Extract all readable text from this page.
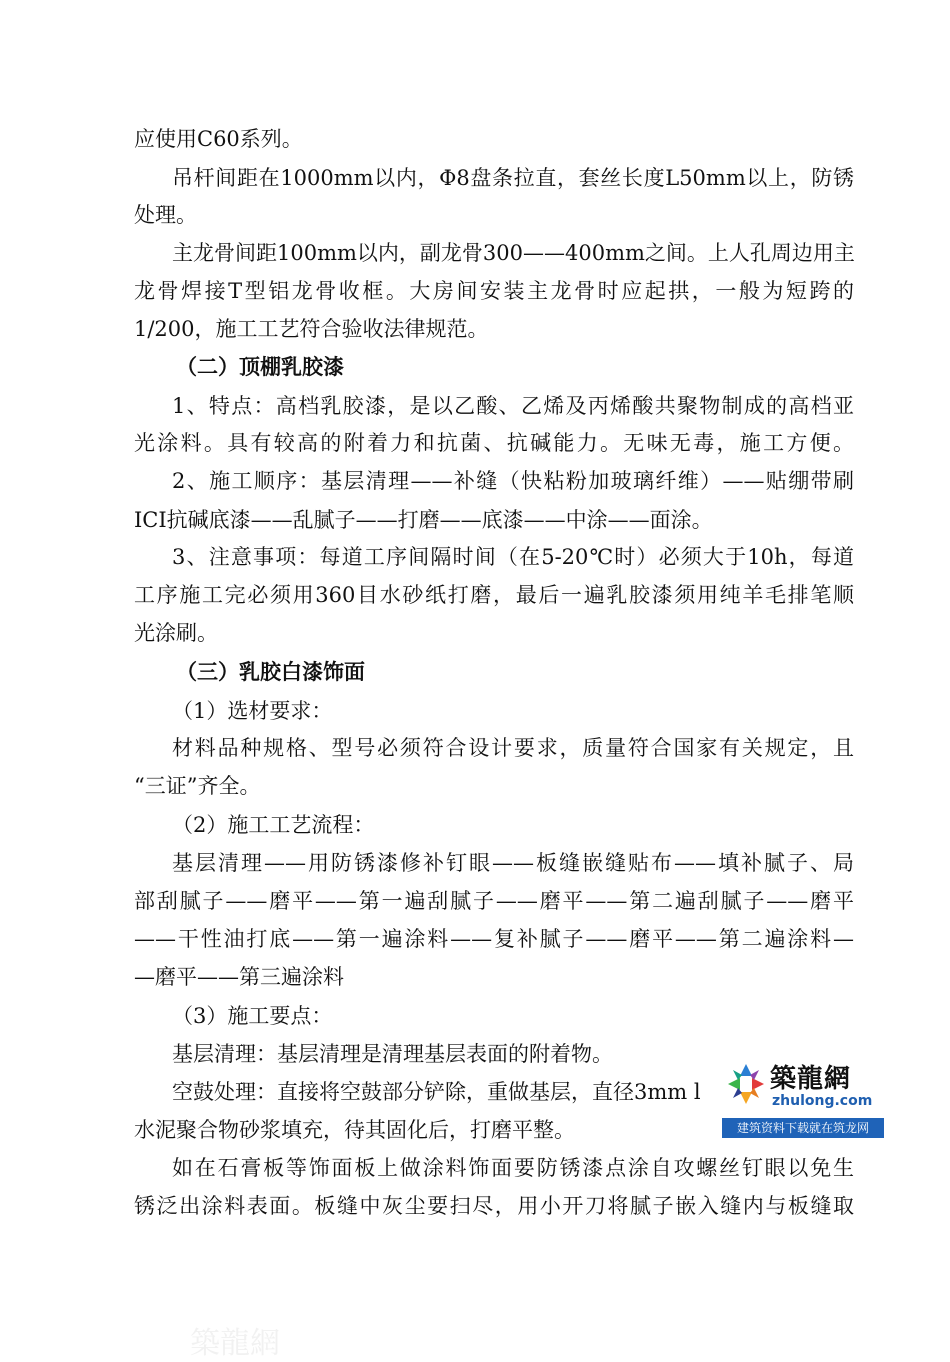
应使用C60系列。
吊杆间距在1000mm以内，Φ8盘条拉直，套丝长度L50mm以上，防锈
处理。
主龙骨间距100mm以内，副龙骨300——400mm之间。上人孔周边用主
龙骨焊接T型铝龙骨收框。大房间安装主龙骨时应起拱，一般为短跨的
1/200，施工工艺符合验收法律规范。
（二）顶棚乳胶漆
1、特点：高档乳胶漆，是以乙酸、乙烯及丙烯酸共聚物制成的高档亚
光涂料。具有较高的附着力和抗菌、抗碱能力。无味无毒，施工方便。
2、施工顺序：基层清理——补缝（快粘粉加玻璃纤维）——贴绷带刷
ICI抗碱底漆——乱腻子——打磨——底漆——中涂——面涂。
3、注意事项：每道工序间隔时间（在5-20℃时）必须大于10h，每道
工序施工完必须用360目水砂纸打磨，最后一遍乳胶漆须用纯羊毛排笔顺
光涂刷。
（三）乳胶白漆饰面
（1）选材要求：
材料品种规格、型号必须符合设计要求，质量符合国家有关规定，且
“三证”齐全。
（2）施工工艺流程：
基层清理——用防锈漆修补钉眼——板缝嵌缝贴布——填补腻子、局
部刮腻子——磨平——第一遍刮腻子——磨平——第二遍刮腻子——磨平
——干性油打底——第一遍涂料——复补腻子——磨平——第二遍涂料—
—磨平——第三遍涂料
（3）施工要点：
基层清理：基层清理是清理基层表面的附着物。
空鼓处理：直接将空鼓部分铲除，重做基层，直径3mm l
水泥聚合物砂浆填充，待其固化后，打磨平整。
如在石膏板等饰面板上做涂料饰面要防锈漆点涂自攻螺丝钉眼以免生
锈泛出涂料表面。板缝中灰尘要扫尽，用小开刀将腻子嵌入缝内与板缝取
築龍網
zhulong.com
建筑资料下载就在筑龙网
築龍網
